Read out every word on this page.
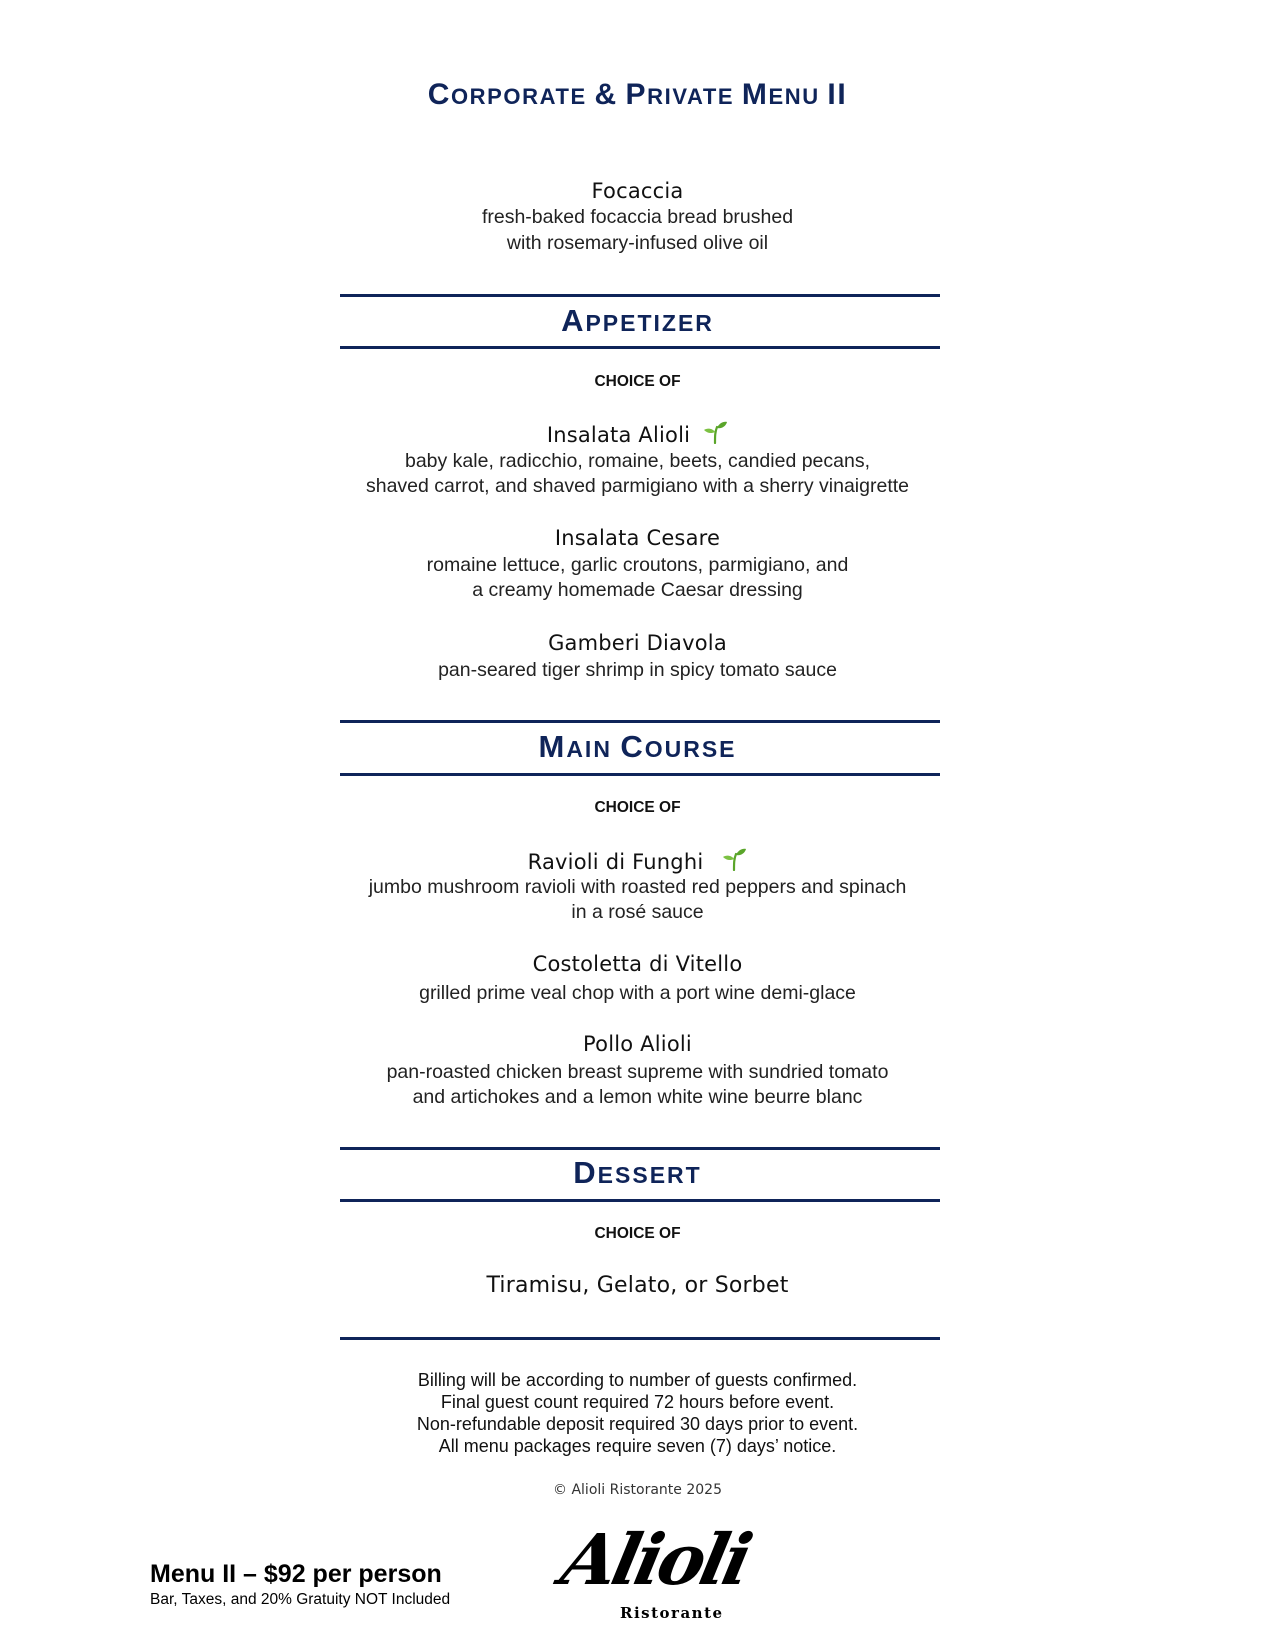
CORPORATE & PRIVATE MENU II
Focaccia
fresh-baked focaccia bread brushed
with rosemary-infused olive oil
APPETIZER
CHOICE OF
Insalata Alioli
baby kale, radicchio, romaine, beets, candied pecans,
shaved carrot, and shaved parmigiano with a sherry vinaigrette
Insalata Cesare
romaine lettuce, garlic croutons, parmigiano, and
a creamy homemade Caesar dressing
Gamberi Diavola
pan-seared tiger shrimp in spicy tomato sauce
MAIN COURSE
CHOICE OF
Ravioli di Funghi
jumbo mushroom ravioli with roasted red peppers and spinach
in a rosé sauce
Costoletta di Vitello
grilled prime veal chop with a port wine demi-glace
Pollo Alioli
pan-roasted chicken breast supreme with sundried tomato
and artichokes and a lemon white wine beurre blanc
DESSERT
CHOICE OF
Tiramisu, Gelato, or Sorbet
Billing will be according to number of guests confirmed.
Final guest count required 72 hours before event.
Non-refundable deposit required 30 days prior to event.
All menu packages require seven (7) days’ notice.
© Alioli Ristorante 2025
Menu II – $92 per person
Bar, Taxes, and 20% Gratuity NOT Included Alioli
Ristorante
